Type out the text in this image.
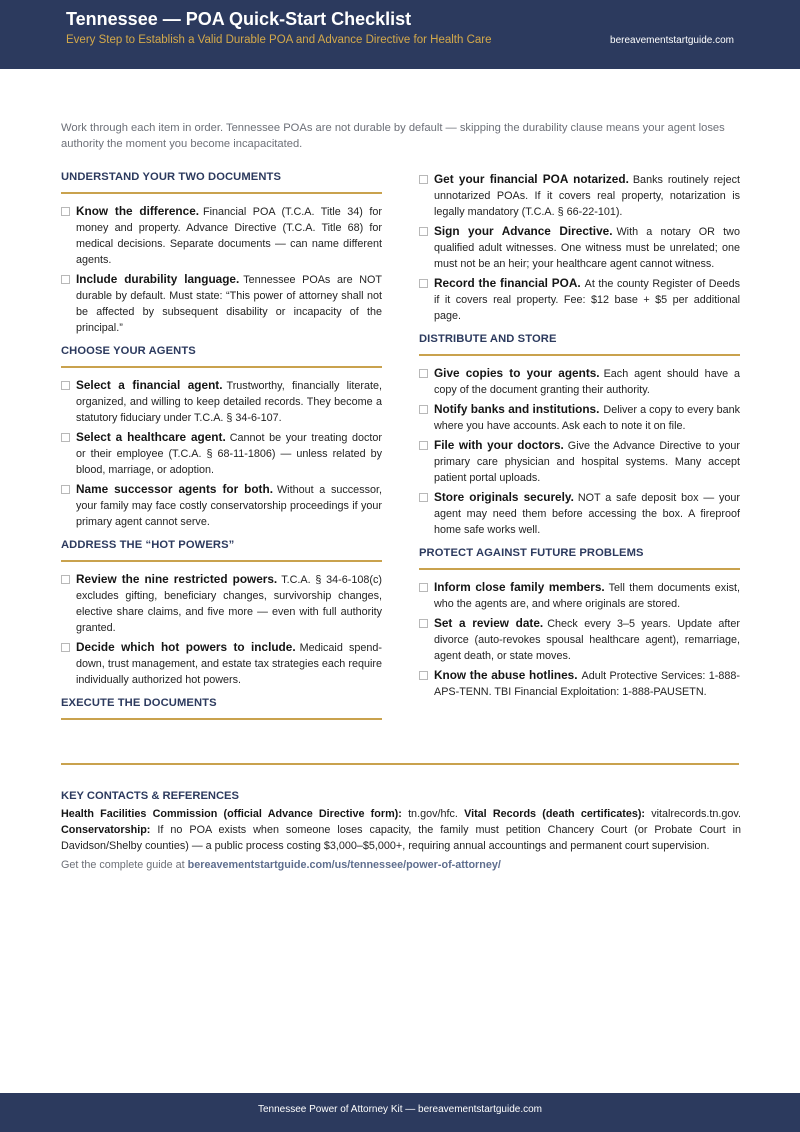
Tennessee — POA Quick-Start Checklist
Every Step to Establish a Valid Durable POA and Advance Directive for Health Care	bereavementstartguide.com
Work through each item in order. Tennessee POAs are not durable by default — skipping the durability clause means your agent loses authority the moment you become incapacitated.
UNDERSTAND YOUR TWO DOCUMENTS
Know the difference. Financial POA (T.C.A. Title 34) for money and property. Advance Directive (T.C.A. Title 68) for medical decisions. Separate documents — can name different agents.
Include durability language. Tennessee POAs are NOT durable by default. Must state: “This power of attorney shall not be affected by subsequent disability or incapacity of the principal.”
CHOOSE YOUR AGENTS
Select a financial agent. Trustworthy, financially literate, organized, and willing to keep detailed records. They become a statutory fiduciary under T.C.A. § 34-6-107.
Select a healthcare agent. Cannot be your treating doctor or their employee (T.C.A. § 68-11-1806) — unless related by blood, marriage, or adoption.
Name successor agents for both. Without a successor, your family may face costly conservatorship proceedings if your primary agent cannot serve.
ADDRESS THE “HOT POWERS”
Review the nine restricted powers. T.C.A. § 34-6-108(c) excludes gifting, beneficiary changes, survivorship changes, elective share claims, and five more — even with full authority granted.
Decide which hot powers to include. Medicaid spend-down, trust management, and estate tax strategies each require individually authorized hot powers.
EXECUTE THE DOCUMENTS
Get your financial POA notarized. Banks routinely reject unnotarized POAs. If it covers real property, notarization is legally mandatory (T.C.A. § 66-22-101).
Sign your Advance Directive. With a notary OR two qualified adult witnesses. One witness must be unrelated; one must not be an heir; your healthcare agent cannot witness.
Record the financial POA. At the county Register of Deeds if it covers real property. Fee: $12 base + $5 per additional page.
DISTRIBUTE AND STORE
Give copies to your agents. Each agent should have a copy of the document granting their authority.
Notify banks and institutions. Deliver a copy to every bank where you have accounts. Ask each to note it on file.
File with your doctors. Give the Advance Directive to your primary care physician and hospital systems. Many accept patient portal uploads.
Store originals securely. NOT a safe deposit box — your agent may need them before accessing the box. A fireproof home safe works well.
PROTECT AGAINST FUTURE PROBLEMS
Inform close family members. Tell them documents exist, who the agents are, and where originals are stored.
Set a review date. Check every 3–5 years. Update after divorce (auto-revokes spousal healthcare agent), remarriage, agent death, or state moves.
Know the abuse hotlines. Adult Protective Services: 1-888-APS-TENN. TBI Financial Exploitation: 1-888-PAUSETN.
KEY CONTACTS & REFERENCES
Health Facilities Commission (official Advance Directive form): tn.gov/hfc. Vital Records (death certificates): vitalrecords.tn.gov. Conservatorship: If no POA exists when someone loses capacity, the family must petition Chancery Court (or Probate Court in Davidson/Shelby counties) — a public process costing $3,000–$5,000+, requiring annual accountings and permanent court supervision.
Get the complete guide at bereavementstartguide.com/us/tennessee/power-of-attorney/
Tennessee Power of Attorney Kit — bereavementstartguide.com
